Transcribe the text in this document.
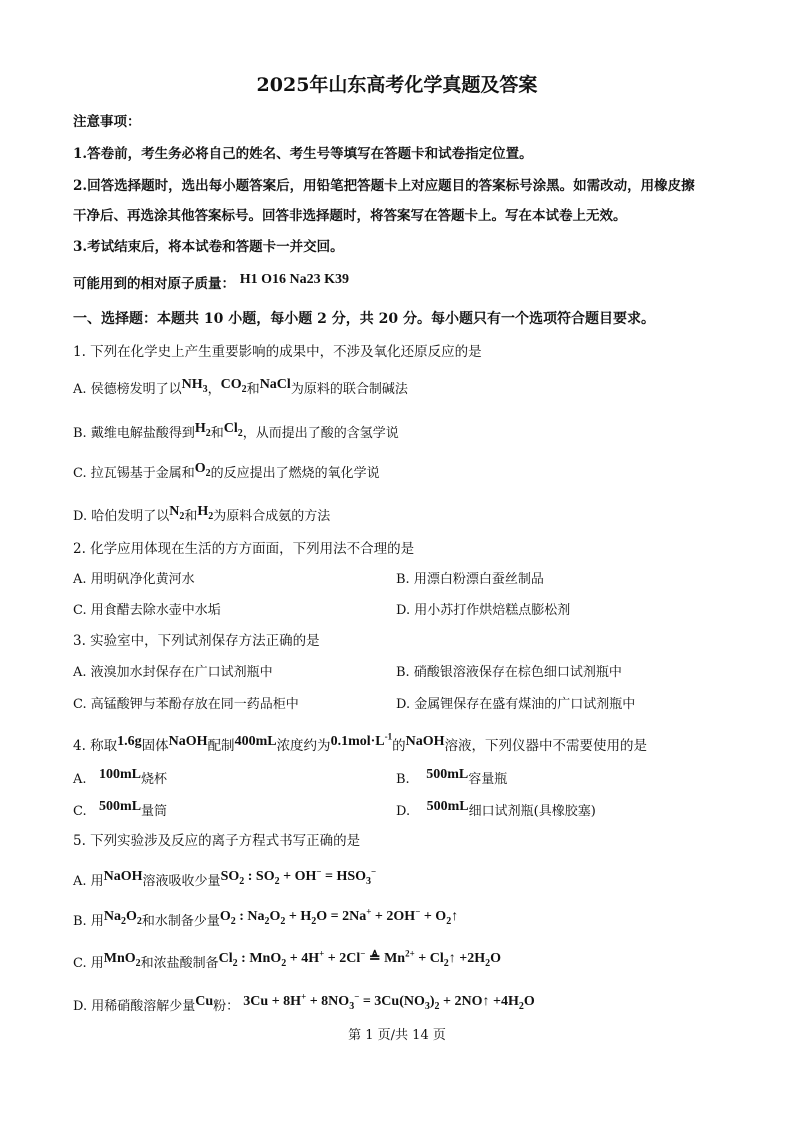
2025年山东高考化学真题及答案
注意事项：
1.答卷前，考生务必将自己的姓名、考生号等填写在答题卡和试卷指定位置。
2.回答选择题时，选出每小题答案后，用铅笔把答题卡上对应题目的答案标号涂黑。如需改动，用橡皮擦
干净后、再选涂其他答案标号。回答非选择题时，将答案写在答题卡上。写在本试卷上无效。
3.考试结束后，将本试卷和答题卡一并交回。
可能用到的相对原子质量： H1 O16 Na23 K39
一、选择题：本题共 10 小题，每小题 2 分，共 20 分。每小题只有一个选项符合题目要求。
1. 下列在化学史上产生重要影响的成果中，不涉及氧化还原反应的是
A. 侯德榜发明了以$NH_3$，$CO_2$和NaCl为原料的联合制碱法
B. 戴维电解盐酸得到$H_2$和$Cl_2$，从而提出了酸的含氢学说
C. 拉瓦锡基于金属和$O_2$的反应提出了燃烧的氧化学说
D. 哈伯发明了以$N_2$和$H_2$为原料合成氨的方法
2. 化学应用体现在生活的方方面面，下列用法不合理的是
A. 用明矾净化黄河水	B. 用漂白粉漂白蚕丝制品
C. 用食醋去除水壶中水垢	D. 用小苏打作烘焙糕点膨松剂
3. 实验室中，下列试剂保存方法正确的是
A. 液溴加水封保存在广口试剂瓶中	B. 硝酸银溶液保存在棕色细口试剂瓶中
C. 高锰酸钾与苯酚存放在同一药品柜中	D. 金属锂保存在盛有煤油的广口试剂瓶中
4. 称取1.6g固体NaOH配制400mL浓度约为$0.1mol\cdot L^{-1}$的NaOH溶液，下列仪器中不需要使用的是
A. 100mL烧杯	B. 500mL容量瓶
C. 500mL量筒	D. 500mL细口试剂瓶(具橡胶塞)
5. 下列实验涉及反应的离子方程式书写正确的是
A. 用NaOH溶液吸收少量$SO_2$ : $SO_2 + OH^- = HSO_3^-$
B. 用$Na_2O_2$和水制备少量$O_2$ : $Na_2O_2 + H_2O = 2Na^+ + 2OH^-$ + $O_2↑$
C. 用MnO$_2$和浓盐酸制备$Cl_2$ : MnO$_2$ + 4H+ + 2Cl− ≜ $Mn^{2+}$ + $Cl_2↑ +2H_2O$
D. 用稀硝酸溶解少量Cu粉： $3Cu + 8H^+ + 8NO_3^- = 3Cu(NO_3)_2$ + 2NO↑ $+4H_2O$
第 1 页/共 14 页
